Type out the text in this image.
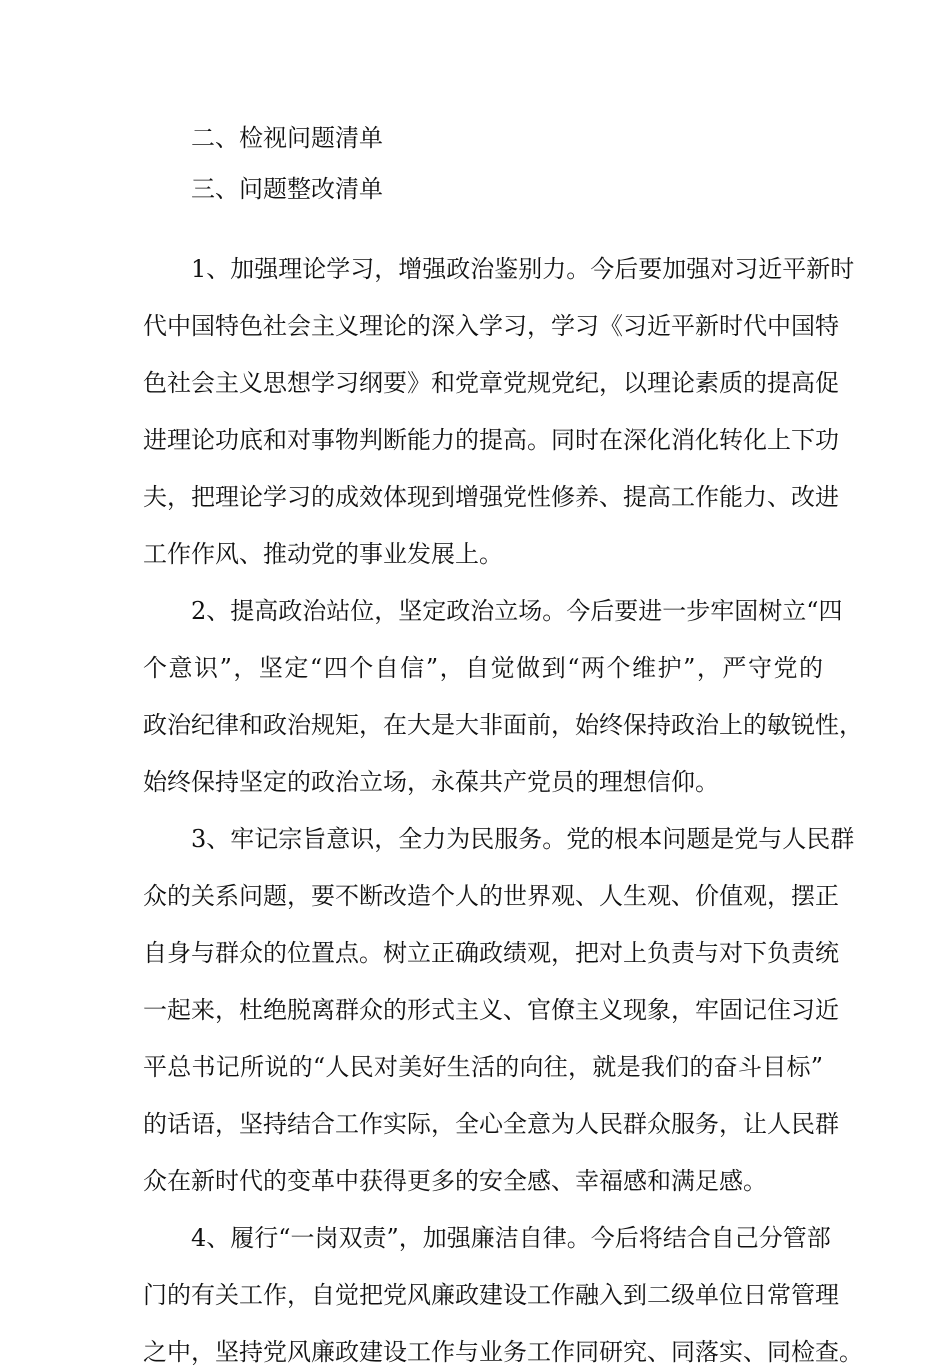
二、检视问题清单
三、问题整改清单
1、加强理论学习，增强政治鉴别力。今后要加强对习近平新时
代中国特色社会主义理论的深入学习，学习《习近平新时代中国特
色社会主义思想学习纲要》和党章党规党纪，以理论素质的提高促
进理论功底和对事物判断能力的提高。同时在深化消化转化上下功
夫，把理论学习的成效体现到增强党性修养、提高工作能力、改进
工作作风、推动党的事业发展上。
2、提高政治站位，坚定政治立场。今后要进一步牢固树立“四
个意识”，坚定“四个自信”，自觉做到“两个维护”，严守党的
政治纪律和政治规矩，在大是大非面前，始终保持政治上的敏锐性，
始终保持坚定的政治立场，永葆共产党员的理想信仰。
3、牢记宗旨意识，全力为民服务。党的根本问题是党与人民群
众的关系问题，要不断改造个人的世界观、人生观、价值观，摆正
自身与群众的位置点。树立正确政绩观，把对上负责与对下负责统
一起来，杜绝脱离群众的形式主义、官僚主义现象，牢固记住习近
平总书记所说的“人民对美好生活的向往，就是我们的奋斗目标”
的话语，坚持结合工作实际，全心全意为人民群众服务，让人民群
众在新时代的变革中获得更多的安全感、幸福感和满足感。
4、履行“一岗双责”，加强廉洁自律。今后将结合自己分管部
门的有关工作，自觉把党风廉政建设工作融入到二级单位日常管理
之中，坚持党风廉政建设工作与业务工作同研究、同落实、同检查。
